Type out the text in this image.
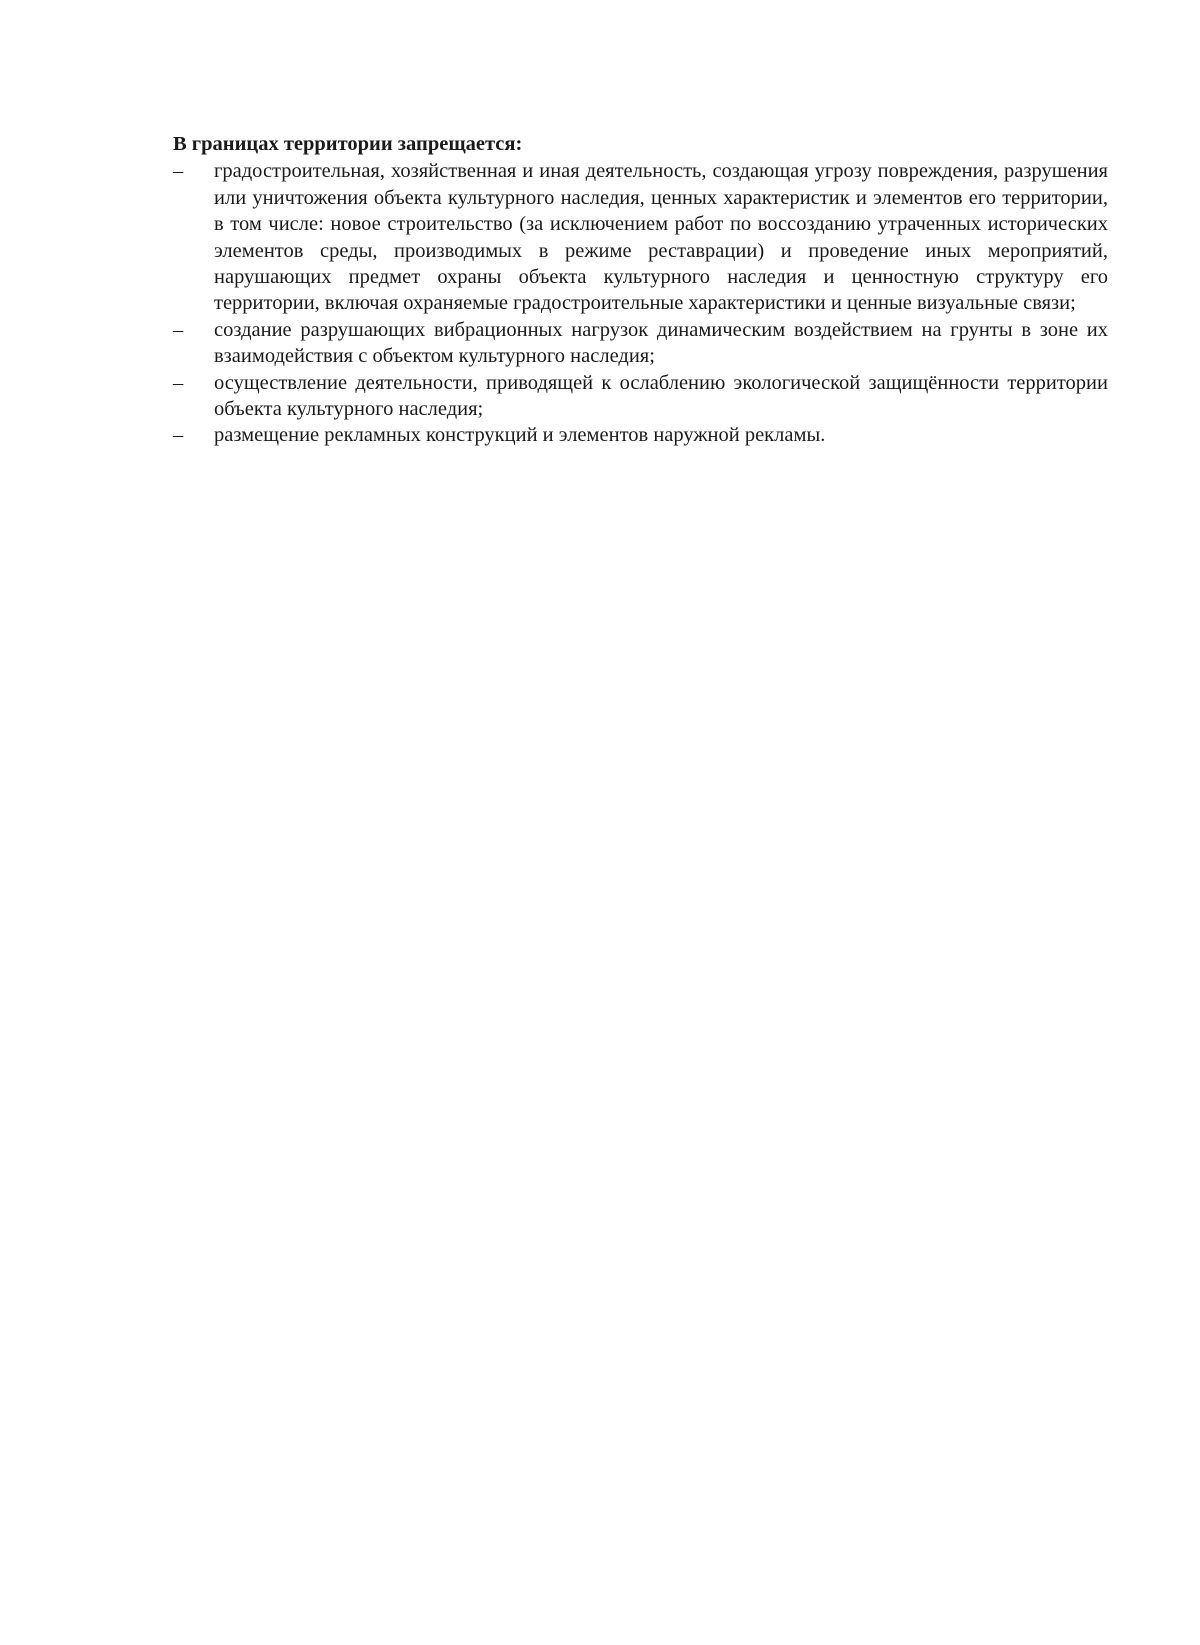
В границах территории запрещается:
– градостроительная, хозяйственная и иная деятельность, создающая угрозу повреждения, разрушения или уничтожения объекта культурного наследия, ценных характеристик и элементов его территории, в том числе: новое строительство (за исключением работ по воссозданию утраченных исторических элементов среды, производимых в режиме реставрации) и проведение иных мероприятий, нарушающих предмет охраны объекта культурного наследия и ценностную структуру его территории, включая охраняемые градостроительные характеристики и ценные визуальные связи;
– создание разрушающих вибрационных нагрузок динамическим воздействием на грунты в зоне их взаимодействия с объектом культурного наследия;
– осуществление деятельности, приводящей к ослаблению экологической защищённости территории объекта культурного наследия;
– размещение рекламных конструкций и элементов наружной рекламы.
